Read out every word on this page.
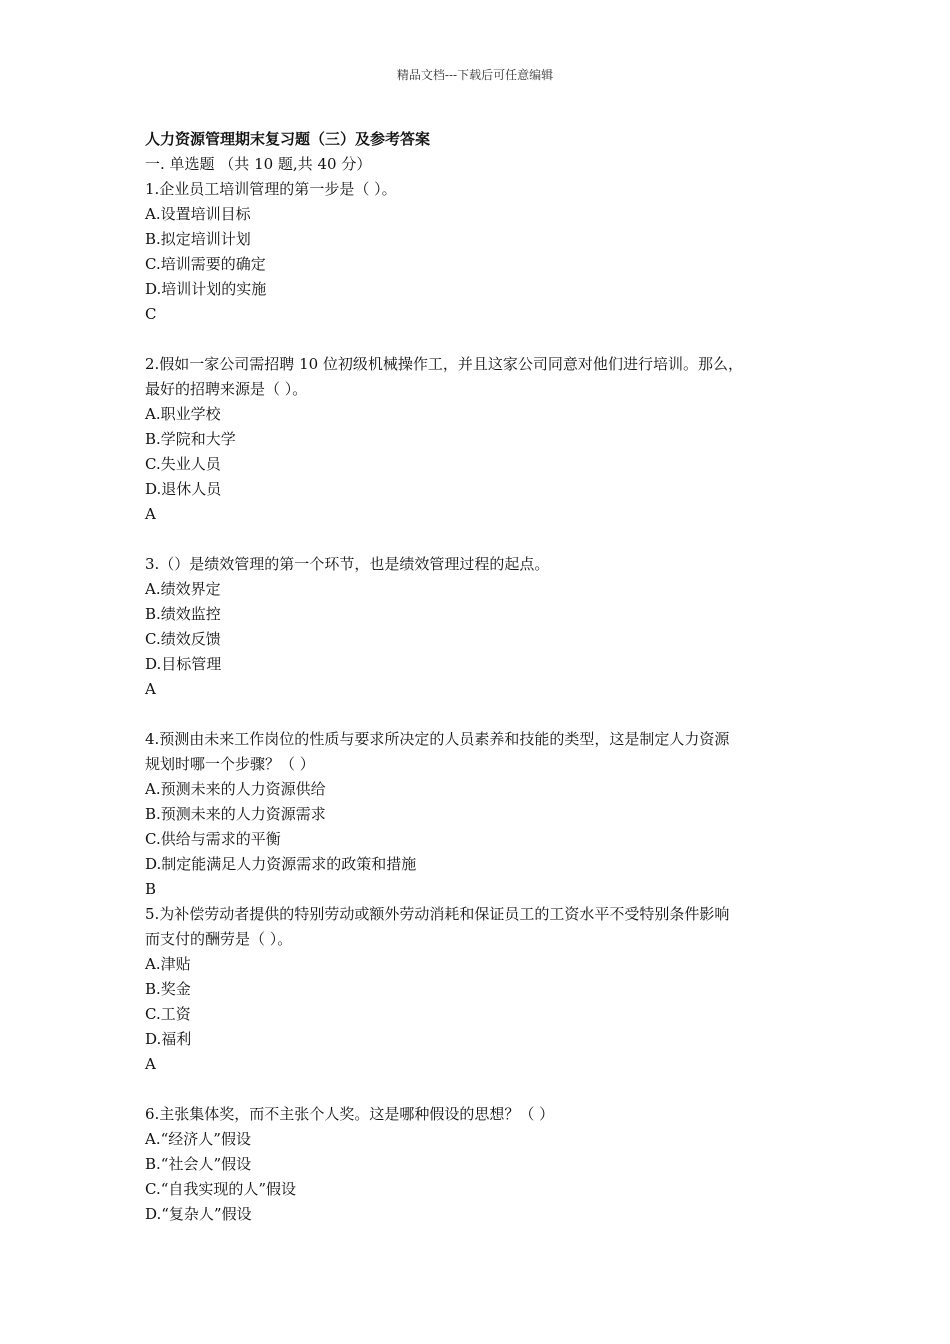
精品文档---下载后可任意编辑
人力资源管理期末复习题（三）及参考答案
一. 单选题 （共 10 题,共 40 分）
1.企业员工培训管理的第一步是（ ）。
A.设置培训目标
B.拟定培训计划
C.培训需要的确定
D.培训计划的实施
C
2.假如一家公司需招聘 10 位初级机械操作工，并且这家公司同意对他们进行培训。那么，
最好的招聘来源是（ ）。
A.职业学校
B.学院和大学
C.失业人员
D.退休人员
A
3.（）是绩效管理的第一个环节，也是绩效管理过程的起点。
A.绩效界定
B.绩效监控
C.绩效反馈
D.目标管理
A
4.预测由未来工作岗位的性质与要求所决定的人员素养和技能的类型，这是制定人力资源
规划时哪一个步骤？（ ）
A.预测未来的人力资源供给
B.预测未来的人力资源需求
C.供给与需求的平衡
D.制定能满足人力资源需求的政策和措施
B
5.为补偿劳动者提供的特别劳动或额外劳动消耗和保证员工的工资水平不受特别条件影响
而支付的酬劳是（ ）。
A.津贴
B.奖金
C.工资
D.福利
A
6.主张集体奖，而不主张个人奖。这是哪种假设的思想？（ ）
A.“经济人”假设
B.“社会人”假设
C.“自我实现的人”假设
D.“复杂人”假设
